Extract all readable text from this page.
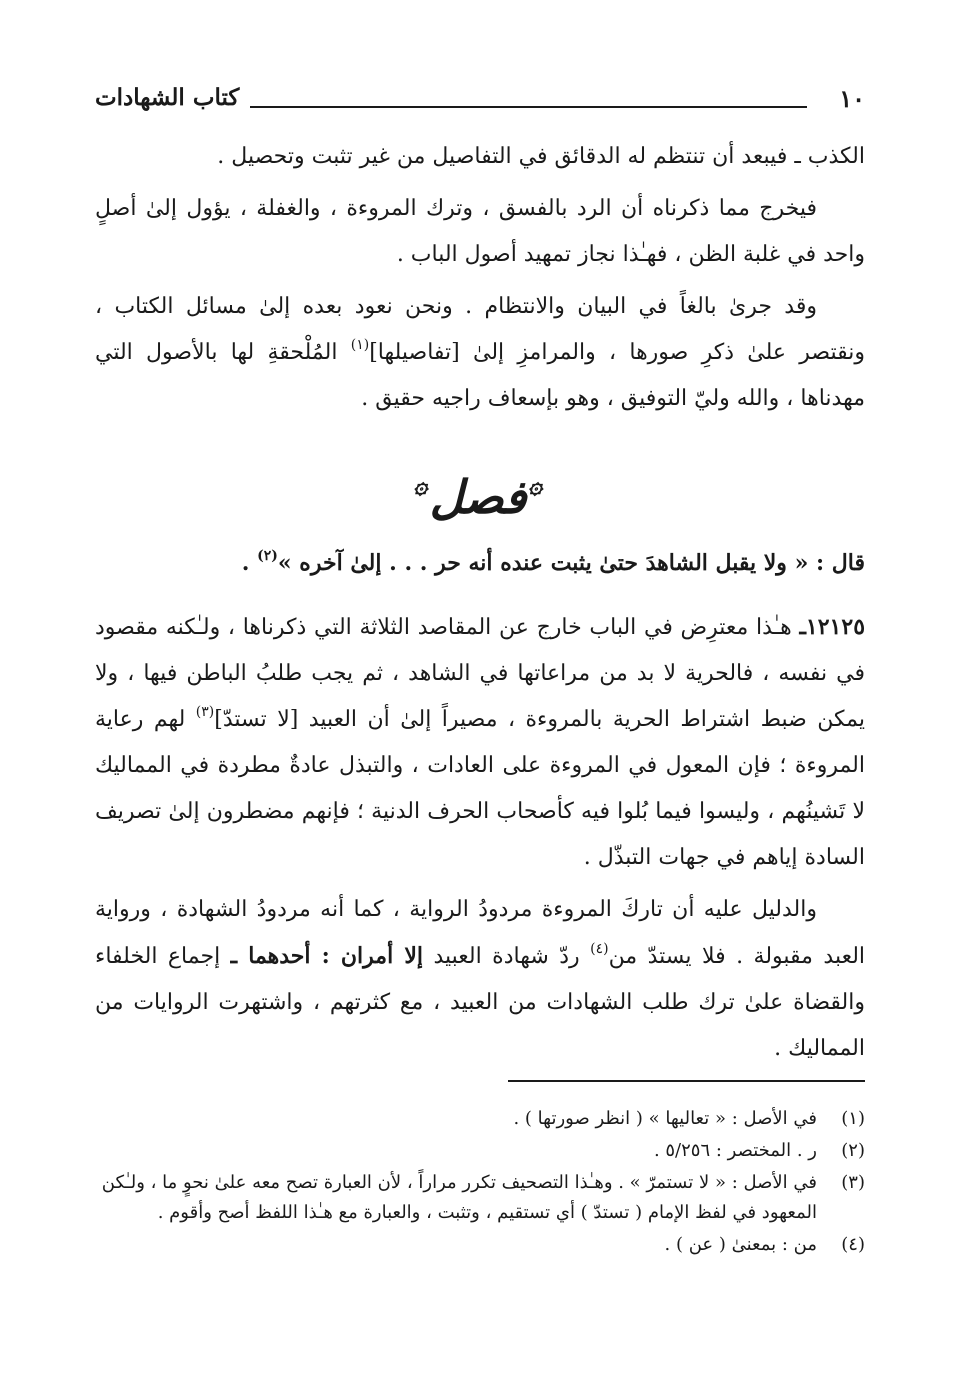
١٠
كتاب الشهادات

الكذب ـ فيبعد أن تنتظم له الدقائق في التفاصيل من غير تثبت وتحصيل .

فيخرج مما ذكرناه أن الرد بالفسق ، وترك المروءة ، والغفلة ، يؤول إلىٰ أصلٍ واحد في غلبة الظن ، فهـٰذا نجاز تمهيد أصول الباب .

وقد جرىٰ بالغاً في البيان والانتظام . ونحن نعود بعده إلىٰ مسائل الكتاب ، ونقتصر علىٰ ذكرِ صورها ، والمرامزِ إلىٰ [تفاصيلها]$^{(١)}$ المُلْحقةِ لها بالأصول التي مهدناها ، والله وليّ التوفيق ، وهو بإسعاف راجيه حقيق .

۞فصل۞

قال : « ولا يقبل الشاهدَ حتىٰ يثبت عنده أنه حر . . . إلىٰ آخره »$^{(٢)}$ .

١٢١٢٥ـ هـٰذا معترِض في الباب خارج عن المقاصد الثلاثة التي ذكرناها ، ولـٰكنه مقصود في نفسه ، فالحرية لا بد من مراعاتها في الشاهد ، ثم يجب طلبُ الباطن فيها ، ولا يمكن ضبط اشتراط الحرية بالمروءة ، مصيراً إلىٰ أن العبيد [لا تستدّ]$^{(٣)}$ لهم رعاية المروءة ؛ فإن المعول في المروءة على العادات ، والتبذل عادةٌ مطردة في المماليك لا تَشينُهم ، وليسوا فيما بُلوا فيه كأصحاب الحرف الدنية ؛ فإنهم مضطرون إلىٰ تصريف السادة إياهم في جهات التبذّل .

والدليل عليه أن تاركَ المروءة مردودُ الرواية ، كما أنه مردودُ الشهادة ، ورواية العبد مقبولة . فلا يستدّ من$^{(٤)}$ ردّ شهادة العبيد إلا أمران : أحدهما ـ إجماع الخلفاء والقضاة علىٰ ترك طلب الشهادات من العبيد ، مع كثرتهم ، واشتهرت الروايات من المماليك .

(١)
في الأصل : « تعاليها » ( انظر صورتها ) .
(٢)
ر . المختصر : ٥/٢٥٦ .
(٣)
في الأصل : « لا تستمرّ » . وهـٰذا التصحيف تكرر مراراً ، لأن العبارة تصح معه علىٰ نحوٍ ما ، ولـٰكن المعهود في لفظ الإمام ( تستدّ ) أي تستقيم ، وتثبت ، والعبارة مع هـٰذا اللفظ أصح وأقوم .
(٤)
من : بمعنىٰ ( عن ) .
